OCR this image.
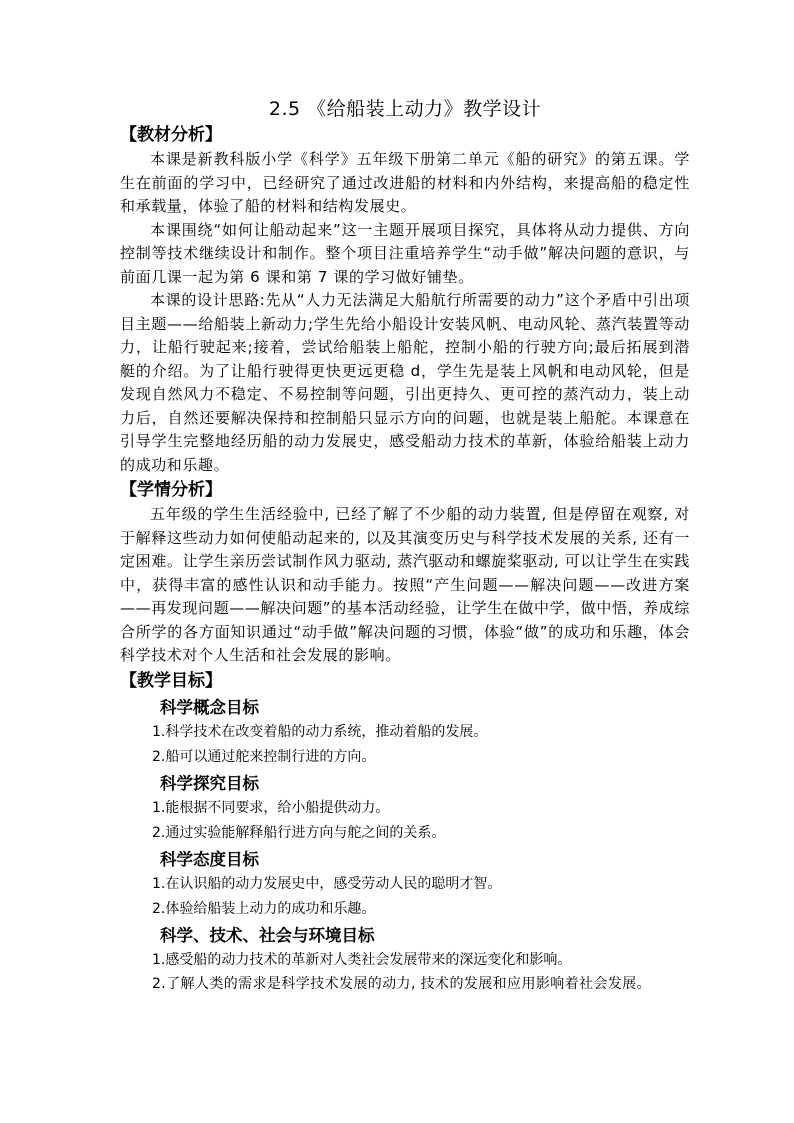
2.5 《给船装上动力》教学设计
【教材分析】

本课是新教科版小学《科学》五年级下册第二单元《船的研究》的第五课。学生在前面的学习中，已经研究了通过改进船的材料和内外结构，来提高船的稳定性和承载量，体验了船的材料和结构发展史。

本课围绕“如何让船动起来”这一主题开展项目探究，具体将从动力提供、方向控制等技术继续设计和制作。整个项目注重培养学生“动手做”解决问题的意识，与前面几课一起为第 6 课和第 7 课的学习做好铺垫。

本课的设计思路:先从“人力无法满足大船航行所需要的动力”这个矛盾中引出项目主题——给船装上新动力;学生先给小船设计安装风帆、电动风轮、蒸汽装置等动力，让船行驶起来;接着，尝试给船装上船舵，控制小船的行驶方向;最后拓展到潜艇的介绍。为了让船行驶得更快更远更稳 d，学生先是装上风帆和电动风轮，但是发现自然风力不稳定、不易控制等问题，引出更持久、更可控的蒸汽动力，装上动力后，自然还要解决保持和控制船只显示方向的问题，也就是装上船舵。本课意在引导学生完整地经历船的动力发展史，感受船动力技术的革新，体验给船装上动力的成功和乐趣。

【学情分析】

五年级的学生生活经验中, 已经了解了不少船的动力装置, 但是停留在观察, 对于解释这些动力如何使船动起来的, 以及其演变历史与科学技术发展的关系, 还有一定困难。让学生亲历尝试制作风力驱动, 蒸汽驱动和螺旋桨驱动, 可以让学生在实践中，获得丰富的感性认识和动手能力。按照“产生问题——解决问题——改进方案——再发现问题——解决问题”的基本活动经验，让学生在做中学，做中悟，养成综合所学的各方面知识通过“动手做”解决问题的习惯，体验“做”的成功和乐趣，体会科学技术对个人生活和社会发展的影响。

【教学目标】
科学概念目标

1.科学技术在改变着船的动力系统，推动着船的发展。

2.船可以通过舵来控制行进的方向。

科学探究目标

1.能根据不同要求，给小船提供动力。

2.通过实验能解释船行进方向与舵之间的关系。

科学态度目标

1.在认识船的动力发展史中，感受劳动人民的聪明才智。

2.体验给船装上动力的成功和乐趣。

科学、技术、社会与环境目标

1.感受船的动力技术的革新对人类社会发展带来的深远变化和影响。

2.了解人类的需求是科学技术发展的动力, 技术的发展和应用影响着社会发展。
